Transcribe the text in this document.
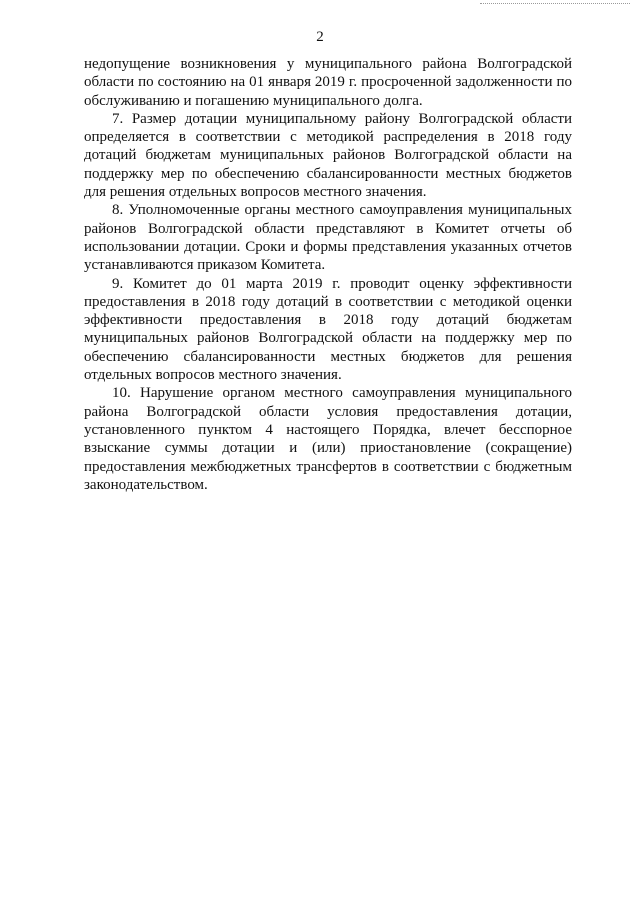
2

недопущение возникновения у муниципального района Волгоградской области по состоянию на 01 января 2019 г. просроченной задолженности по обслуживанию и погашению муниципального долга.

7. Размер дотации муниципальному району Волгоградской области определяется в соответствии с методикой распределения в 2018 году дотаций бюджетам муниципальных районов Волгоградской области на поддержку мер по обеспечению сбалансированности местных бюджетов для решения отдельных вопросов местного значения.

8. Уполномоченные органы местного самоуправления муниципальных районов Волгоградской области представляют в Комитет отчеты об использовании дотации. Сроки и формы представления указанных отчетов устанавливаются приказом Комитета.

9. Комитет до 01 марта 2019 г. проводит оценку эффективности предоставления в 2018 году дотаций в соответствии с методикой оценки эффективности предоставления в 2018 году дотаций бюджетам муниципальных районов Волгоградской области на поддержку мер по обеспечению сбалансированности местных бюджетов для решения отдельных вопросов местного значения.

10. Нарушение органом местного самоуправления муниципального района Волгоградской области условия предоставления дотации, установленного пунктом 4 настоящего Порядка, влечет бесспорное взыскание суммы дотации и (или) приостановление (сокращение) предоставления межбюджетных трансфертов в соответствии с бюджетным законодательством.
